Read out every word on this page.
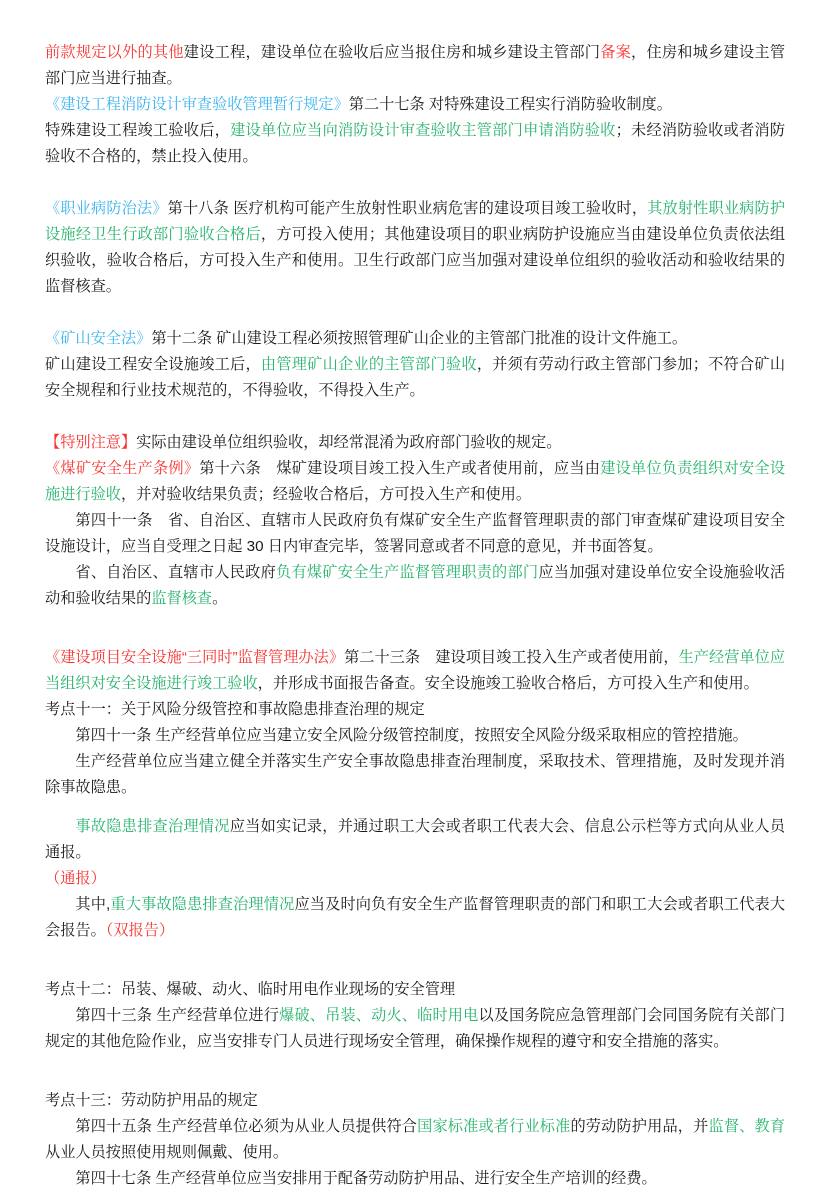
前款规定以外的其他建设工程，建设单位在验收后应当报住房和城乡建设主管部门备案，住房和城乡建设主管部门应当进行抽查。

《建设工程消防设计审查验收管理暂行规定》第二十七条 对特殊建设工程实行消防验收制度。

特殊建设工程竣工验收后，建设单位应当向消防设计审查验收主管部门申请消防验收；未经消防验收或者消防验收不合格的，禁止投入使用。

《职业病防治法》第十八条 医疗机构可能产生放射性职业病危害的建设项目竣工验收时，其放射性职业病防护设施经卫生行政部门验收合格后，方可投入使用；其他建设项目的职业病防护设施应当由建设单位负责依法组织验收，验收合格后，方可投入生产和使用。卫生行政部门应当加强对建设单位组织的验收活动和验收结果的监督核查。

《矿山安全法》第十二条 矿山建设工程必须按照管理矿山企业的主管部门批准的设计文件施工。

矿山建设工程安全设施竣工后，由管理矿山企业的主管部门验收，并须有劳动行政主管部门参加；不符合矿山安全规程和行业技术规范的，不得验收，不得投入生产。

【特别注意】实际由建设单位组织验收，却经常混淆为政府部门验收的规定。

《煤矿安全生产条例》第十六条　煤矿建设项目竣工投入生产或者使用前，应当由建设单位负责组织对安全设施进行验收，并对验收结果负责；经验收合格后，方可投入生产和使用。

第四十一条　省、自治区、直辖市人民政府负有煤矿安全生产监督管理职责的部门审查煤矿建设项目安全设施设计，应当自受理之日起 30 日内审查完毕，签署同意或者不同意的意见，并书面答复。

省、自治区、直辖市人民政府负有煤矿安全生产监督管理职责的部门应当加强对建设单位安全设施验收活动和验收结果的监督核查。

《建设项目安全设施“三同时”监督管理办法》第二十三条　建设项目竣工投入生产或者使用前，生产经营单位应当组织对安全设施进行竣工验收，并形成书面报告备查。安全设施竣工验收合格后，方可投入生产和使用。

考点十一：关于风险分级管控和事故隐患排查治理的规定

第四十一条 生产经营单位应当建立安全风险分级管控制度，按照安全风险分级采取相应的管控措施。

生产经营单位应当建立健全并落实生产安全事故隐患排查治理制度，采取技术、管理措施，及时发现并消除事故隐患。

事故隐患排查治理情况应当如实记录，并通过职工大会或者职工代表大会、信息公示栏等方式向从业人员通报。

（通报）

其中,重大事故隐患排查治理情况应当及时向负有安全生产监督管理职责的部门和职工大会或者职工代表大会报告。（双报告）

考点十二：吊装、爆破、动火、临时用电作业现场的安全管理

第四十三条 生产经营单位进行爆破、吊装、动火、临时用电以及国务院应急管理部门会同国务院有关部门规定的其他危险作业，应当安排专门人员进行现场安全管理，确保操作规程的遵守和安全措施的落实。

考点十三：劳动防护用品的规定

第四十五条 生产经营单位必须为从业人员提供符合国家标准或者行业标准的劳动防护用品，并监督、教育从业人员按照使用规则佩戴、使用。

第四十七条 生产经营单位应当安排用于配备劳动防护用品、进行安全生产培训的经费。
